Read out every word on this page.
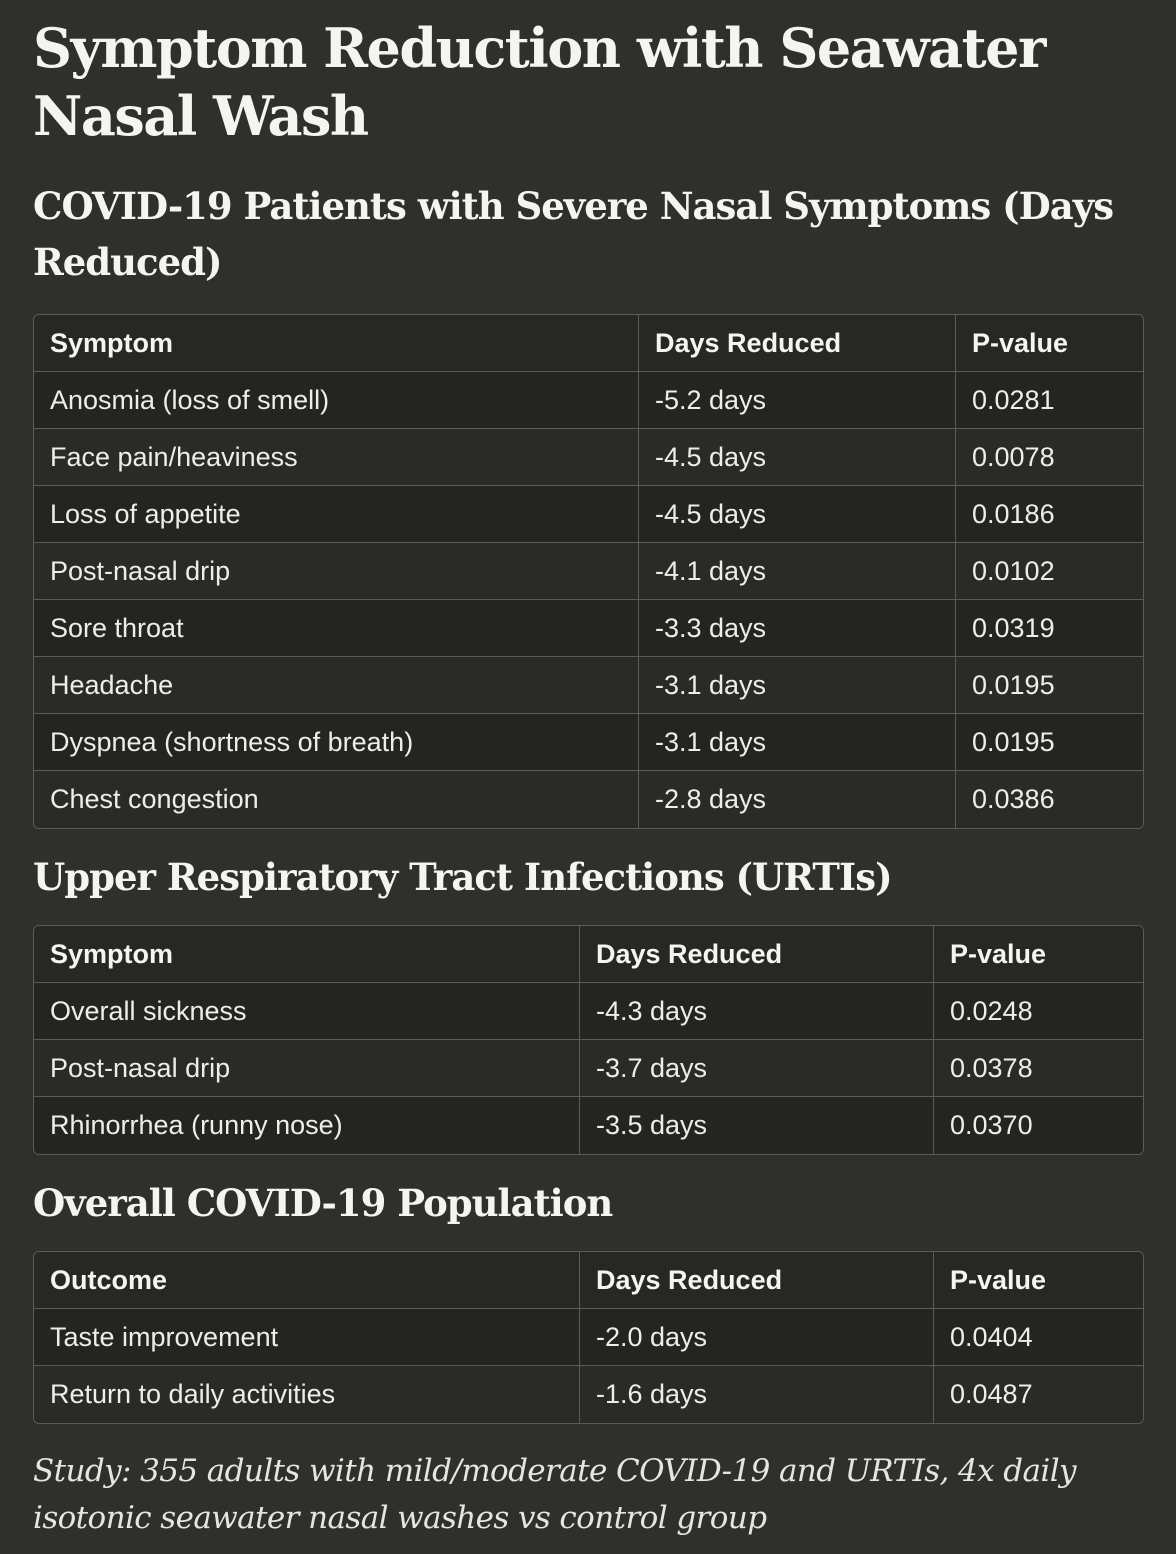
Symptom Reduction with Seawater Nasal Wash
COVID-19 Patients with Severe Nasal Symptoms (Days Reduced)
Symptom	Days Reduced	P-value
Anosmia (loss of smell)	-5.2 days	0.0281
Face pain/heaviness	-4.5 days	0.0078
Loss of appetite	-4.5 days	0.0186
Post-nasal drip	-4.1 days	0.0102
Sore throat	-3.3 days	0.0319
Headache	-3.1 days	0.0195
Dyspnea (shortness of breath)	-3.1 days	0.0195
Chest congestion	-2.8 days	0.0386
Upper Respiratory Tract Infections (URTIs)
Symptom	Days Reduced	P-value
Overall sickness	-4.3 days	0.0248
Post-nasal drip	-3.7 days	0.0378
Rhinorrhea (runny nose)	-3.5 days	0.0370
Overall COVID-19 Population
Outcome	Days Reduced	P-value
Taste improvement	-2.0 days	0.0404
Return to daily activities	-1.6 days	0.0487

Study: 355 adults with mild/moderate COVID-19 and URTIs, 4x daily isotonic seawater nasal washes vs control group
